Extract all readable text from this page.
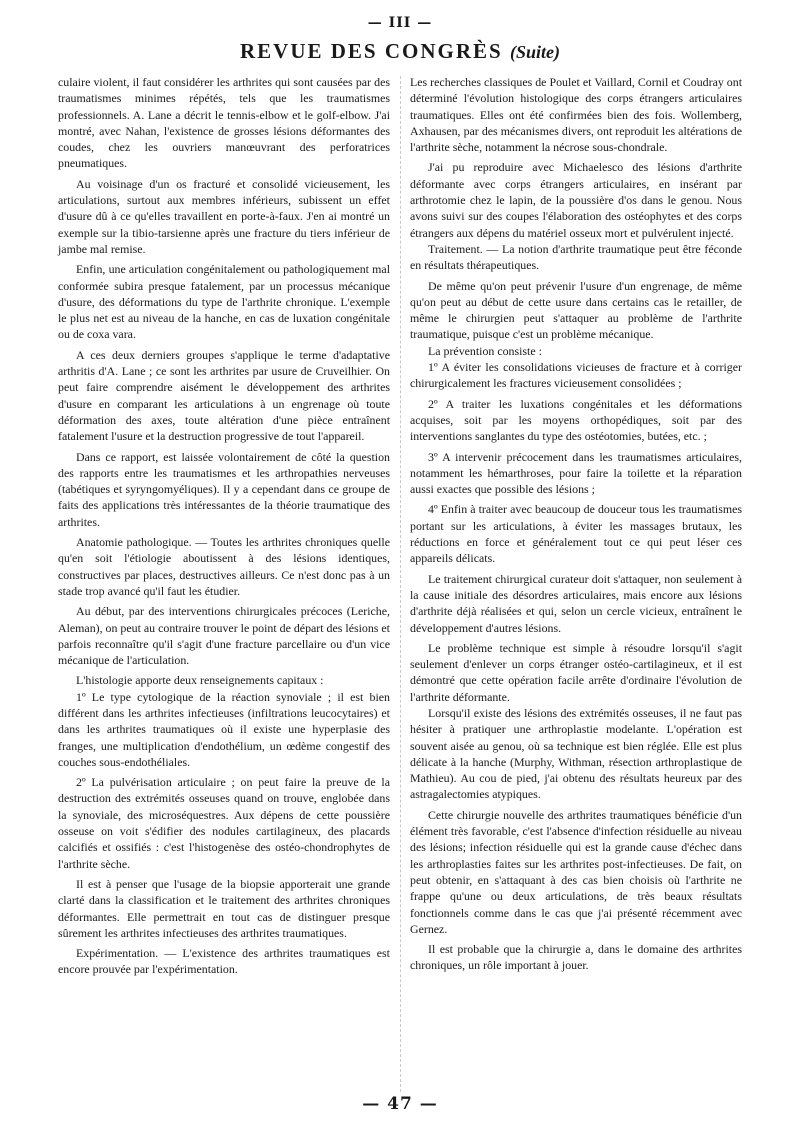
— III —
REVUE DES CONGRÈS (Suite)

culaire violent, il faut considérer les arthrites qui sont causées par des traumatismes minimes répétés, tels que les traumatismes professionnels. A. Lane a décrit le tennis-elbow et le golf-elbow. J'ai montré, avec Nahan, l'existence de grosses lésions déformantes des coudes, chez les ouvriers manœuvrant des perforatrices pneumatiques.

Au voisinage d'un os fracturé et consolidé vicieusement, les articulations, surtout aux membres inférieurs, subissent un effet d'usure dû à ce qu'elles travaillent en porte-à-faux. J'en ai montré un exemple sur la tibio-tarsienne après une fracture du tiers inférieur de jambe mal remise.

Enfin, une articulation congénitalement ou pathologiquement mal conformée subira presque fatalement, par un processus mécanique d'usure, des déformations du type de l'arthrite chronique. L'exemple le plus net est au niveau de la hanche, en cas de luxation congénitale ou de coxa vara.

A ces deux derniers groupes s'applique le terme d'adaptative arthritis d'A. Lane ; ce sont les arthrites par usure de Cruveilhier. On peut faire comprendre aisément le développement des arthrites d'usure en comparant les articulations à un engrenage où toute déformation des axes, toute altération d'une pièce entraînent fatalement l'usure et la destruction progressive de tout l'appareil.

Dans ce rapport, est laissée volontairement de côté la question des rapports entre les traumatismes et les arthropathies nerveuses (tabétiques et syryngomyéliques). Il y a cependant dans ce groupe de faits des applications très intéressantes de la théorie traumatique des arthrites.

Anatomie pathologique. — Toutes les arthrites chroniques quelle qu'en soit l'étiologie aboutissent à des lésions identiques, constructives par places, destructives ailleurs. Ce n'est donc pas à un stade trop avancé qu'il faut les étudier.

Au début, par des interventions chirurgicales précoces (Leriche, Aleman), on peut au contraire trouver le point de départ des lésions et parfois reconnaître qu'il s'agit d'une fracture parcellaire ou d'un vice mécanique de l'articulation.

L'histologie apporte deux renseignements capitaux :

1º Le type cytologique de la réaction synoviale ; il est bien différent dans les arthrites infectieuses (infiltrations leucocytaires) et dans les arthrites traumatiques où il existe une hyperplasie des franges, une multiplication d'endothélium, un œdème congestif des couches sous-endothéliales.

2º La pulvérisation articulaire ; on peut faire la preuve de la destruction des extrémités osseuses quand on trouve, englobée dans la synoviale, des microséquestres. Aux dépens de cette poussière osseuse on voit s'édifier des nodules cartilagineux, des placards calcifiés et ossifiés : c'est l'histogenèse des ostéo-chondrophytes de l'arthrite sèche.

Il est à penser que l'usage de la biopsie apporterait une grande clarté dans la classification et le traitement des arthrites chroniques déformantes. Elle permettrait en tout cas de distinguer presque sûrement les arthrites infectieuses des arthrites traumatiques.

Expérimentation. — L'existence des arthrites traumatiques est encore prouvée par l'expérimentation.

Les recherches classiques de Poulet et Vaillard, Cornil et Coudray ont déterminé l'évolution histologique des corps étrangers articulaires traumatiques. Elles ont été confirmées bien des fois. Wollemberg, Axhausen, par des mécanismes divers, ont reproduit les altérations de l'arthrite sèche, notamment la nécrose sous-chondrale.

J'ai pu reproduire avec Michaelesco des lésions d'arthrite déformante avec corps étrangers articulaires, en insérant par arthrotomie chez le lapin, de la poussière d'os dans le genou. Nous avons suivi sur des coupes l'élaboration des ostéophytes et des corps étrangers aux dépens du matériel osseux mort et pulvérulent injecté.

Traitement. — La notion d'arthrite traumatique peut être féconde en résultats thérapeutiques.

De même qu'on peut prévenir l'usure d'un engrenage, de même qu'on peut au début de cette usure dans certains cas le retailler, de même le chirurgien peut s'attaquer au problème de l'arthrite traumatique, puisque c'est un problème mécanique.

La prévention consiste :

1º A éviter les consolidations vicieuses de fracture et à corriger chirurgicalement les fractures vicieusement consolidées ;

2º A traiter les luxations congénitales et les déformations acquises, soit par les moyens orthopédiques, soit par des interventions sanglantes du type des ostéotomies, butées, etc. ;

3º A intervenir précocement dans les traumatismes articulaires, notamment les hémarthroses, pour faire la toilette et la réparation aussi exactes que possible des lésions ;

4º Enfin à traiter avec beaucoup de douceur tous les traumatismes portant sur les articulations, à éviter les massages brutaux, les réductions en force et généralement tout ce qui peut léser ces appareils délicats.

Le traitement chirurgical curateur doit s'attaquer, non seulement à la cause initiale des désordres articulaires, mais encore aux lésions d'arthrite déjà réalisées et qui, selon un cercle vicieux, entraînent le développement d'autres lésions.

Le problème technique est simple à résoudre lorsqu'il s'agit seulement d'enlever un corps étranger ostéo-cartilagineux, et il est démontré que cette opération facile arrête d'ordinaire l'évolution de l'arthrite déformante.

Lorsqu'il existe des lésions des extrémités osseuses, il ne faut pas hésiter à pratiquer une arthroplastie modelante. L'opération est souvent aisée au genou, où sa technique est bien réglée. Elle est plus délicate à la hanche (Murphy, Withman, résection arthroplastique de Mathieu). Au cou de pied, j'ai obtenu des résultats heureux par des astragalectomies atypiques.

Cette chirurgie nouvelle des arthrites traumatiques bénéficie d'un élément très favorable, c'est l'absence d'infection résiduelle au niveau des lésions; infection résiduelle qui est la grande cause d'échec dans les arthroplasties faites sur les arthrites post-infectieuses. De fait, on peut obtenir, en s'attaquant à des cas bien choisis où l'arthrite ne frappe qu'une ou deux articulations, de très beaux résultats fonctionnels comme dans le cas que j'ai présenté récemment avec Gernez.

Il est probable que la chirurgie a, dans le domaine des arthrites chroniques, un rôle important à jouer.

— 47 —
